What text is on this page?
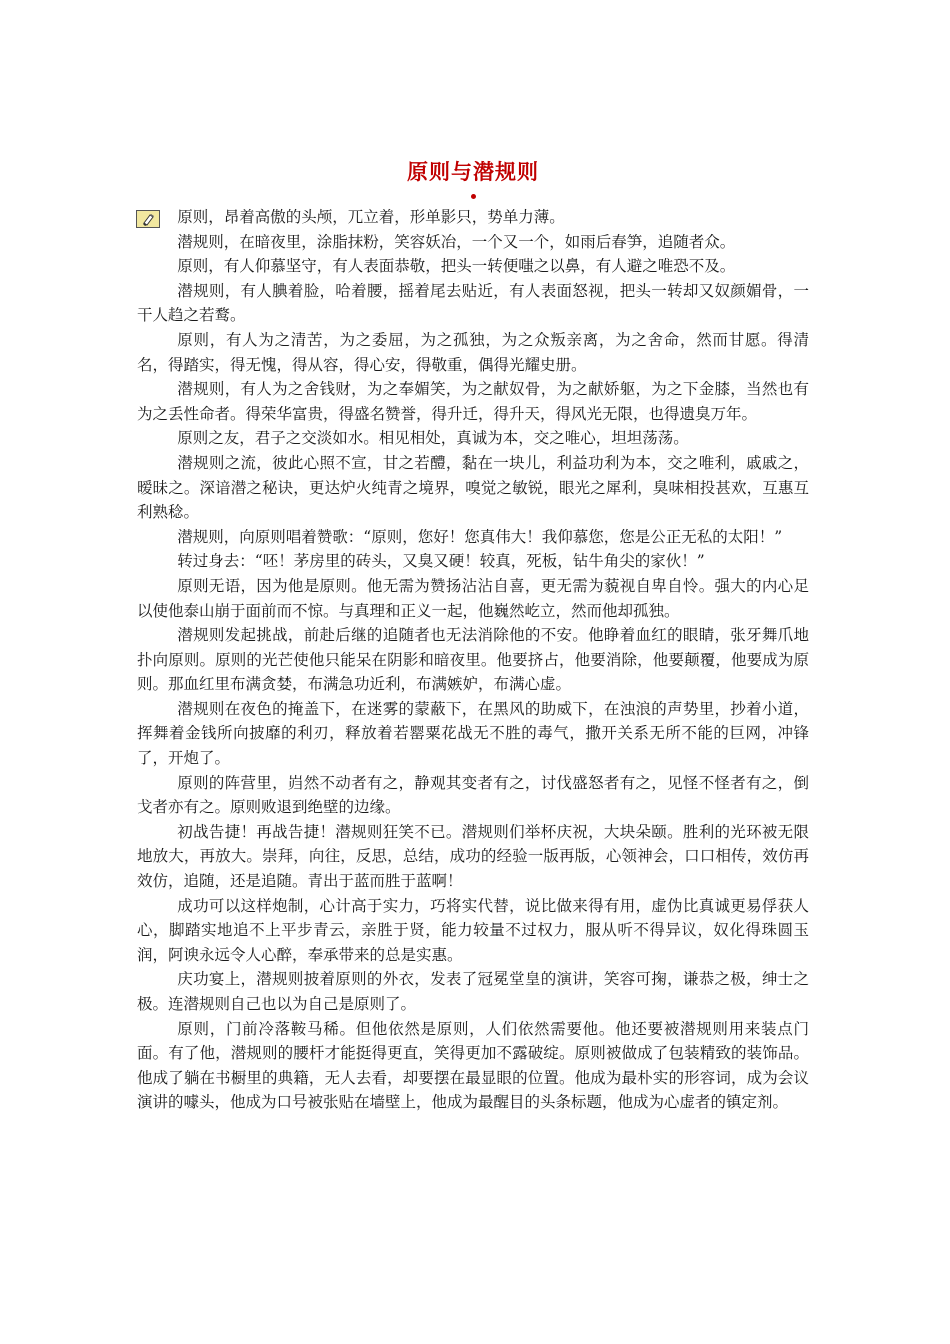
原则与潜规则

原则，昂着高傲的头颅，兀立着，形单影只，势单力薄。

潜规则，在暗夜里，涂脂抹粉，笑容妖冶，一个又一个，如雨后春笋，追随者众。

原则，有人仰慕坚守，有人表面恭敬，把头一转便嗤之以鼻，有人避之唯恐不及。

潜规则，有人腆着脸，哈着腰，摇着尾去贴近，有人表面怒视，把头一转却又奴颜媚骨，一干人趋之若鹜。

原则，有人为之清苦，为之委屈，为之孤独，为之众叛亲离，为之舍命，然而甘愿。得清名，得踏实，得无愧，得从容，得心安，得敬重，偶得光耀史册。

潜规则，有人为之舍钱财，为之奉媚笑，为之献奴骨，为之献娇躯，为之下金膝，当然也有为之丢性命者。得荣华富贵，得盛名赞誉，得升迁，得升天，得风光无限，也得遗臭万年。

原则之友，君子之交淡如水。相见相处，真诚为本，交之唯心，坦坦荡荡。

潜规则之流，彼此心照不宣，甘之若醴，黏在一块儿，利益功利为本，交之唯利，戚戚之，暧昧之。深谙潜之秘诀，更达炉火纯青之境界，嗅觉之敏锐，眼光之犀利，臭味相投甚欢，互惠互利熟稔。

潜规则，向原则唱着赞歌：“原则，您好！您真伟大！我仰慕您，您是公正无私的太阳！”

转过身去：“呸！茅房里的砖头，又臭又硬！较真，死板，钻牛角尖的家伙！”

原则无语，因为他是原则。他无需为赞扬沾沾自喜，更无需为藐视自卑自怜。强大的内心足以使他泰山崩于面前而不惊。与真理和正义一起，他巍然屹立，然而他却孤独。

潜规则发起挑战，前赴后继的追随者也无法消除他的不安。他睁着血红的眼睛，张牙舞爪地扑向原则。原则的光芒使他只能呆在阴影和暗夜里。他要挤占，他要消除，他要颠覆，他要成为原则。那血红里布满贪婪，布满急功近利，布满嫉妒，布满心虚。

潜规则在夜色的掩盖下，在迷雾的蒙蔽下，在黑风的助威下，在浊浪的声势里，抄着小道，挥舞着金钱所向披靡的利刃，释放着若罂粟花战无不胜的毒气，撒开关系无所不能的巨网，冲锋了，开炮了。

原则的阵营里，岿然不动者有之，静观其变者有之，讨伐盛怒者有之，见怪不怪者有之，倒戈者亦有之。原则败退到绝壁的边缘。

初战告捷！再战告捷！潜规则狂笑不已。潜规则们举杯庆祝，大块朵颐。胜利的光环被无限地放大，再放大。崇拜，向往，反思，总结，成功的经验一版再版，心领神会，口口相传，效仿再效仿，追随，还是追随。青出于蓝而胜于蓝啊！

成功可以这样炮制，心计高于实力，巧将实代替，说比做来得有用，虚伪比真诚更易俘获人心，脚踏实地追不上平步青云，亲胜于贤，能力较量不过权力，服从听不得异议，奴化得珠圆玉润，阿谀永远令人心醉，奉承带来的总是实惠。

庆功宴上，潜规则披着原则的外衣，发表了冠冕堂皇的演讲，笑容可掬，谦恭之极，绅士之极。连潜规则自己也以为自己是原则了。

原则，门前冷落鞍马稀。但他依然是原则，人们依然需要他。他还要被潜规则用来装点门面。有了他，潜规则的腰杆才能挺得更直，笑得更加不露破绽。原则被做成了包装精致的装饰品。他成了躺在书橱里的典籍，无人去看，却要摆在最显眼的位置。他成为最朴实的形容词，成为会议演讲的噱头，他成为口号被张贴在墙壁上，他成为最醒目的头条标题，他成为心虚者的镇定剂。
